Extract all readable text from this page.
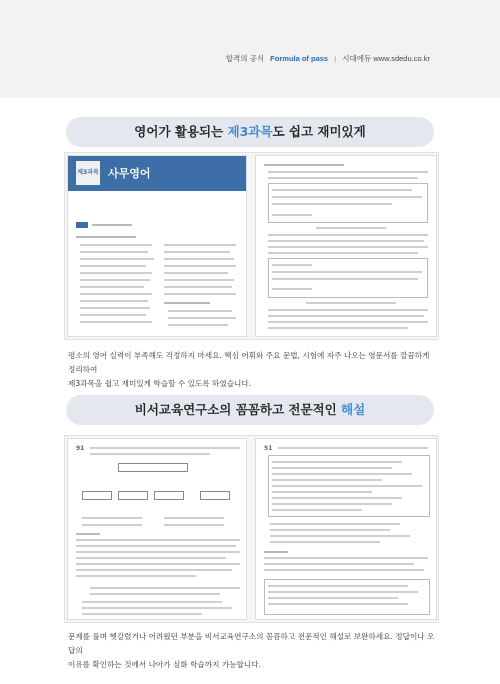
합격의 공식 Formula of pass | 시대에듀 www.sdedu.co.kr
영어가 활용되는 제3과목도 쉽고 재미있게
제3과목 사무영어
평소의 영어 실력이 부족해도 걱정하지 마세요. 핵심 어휘와 주요 문법, 시험에 자주 나오는 영문서를 깔끔하게 정리하여
제3과목을 쉽고 재미있게 학습할 수 있도록 하였습니다.
비서교육연구소의 꼼꼼하고 전문적인 해설
91	51
문제를 풀며 헷갈렸거나 어려웠던 부분을 비서교육연구소의 꼼꼼하고 전문적인 해설로 보완하세요. 정답이나 오답의
이유를 확인하는 것에서 나아가 심화 학습까지 가능합니다.
